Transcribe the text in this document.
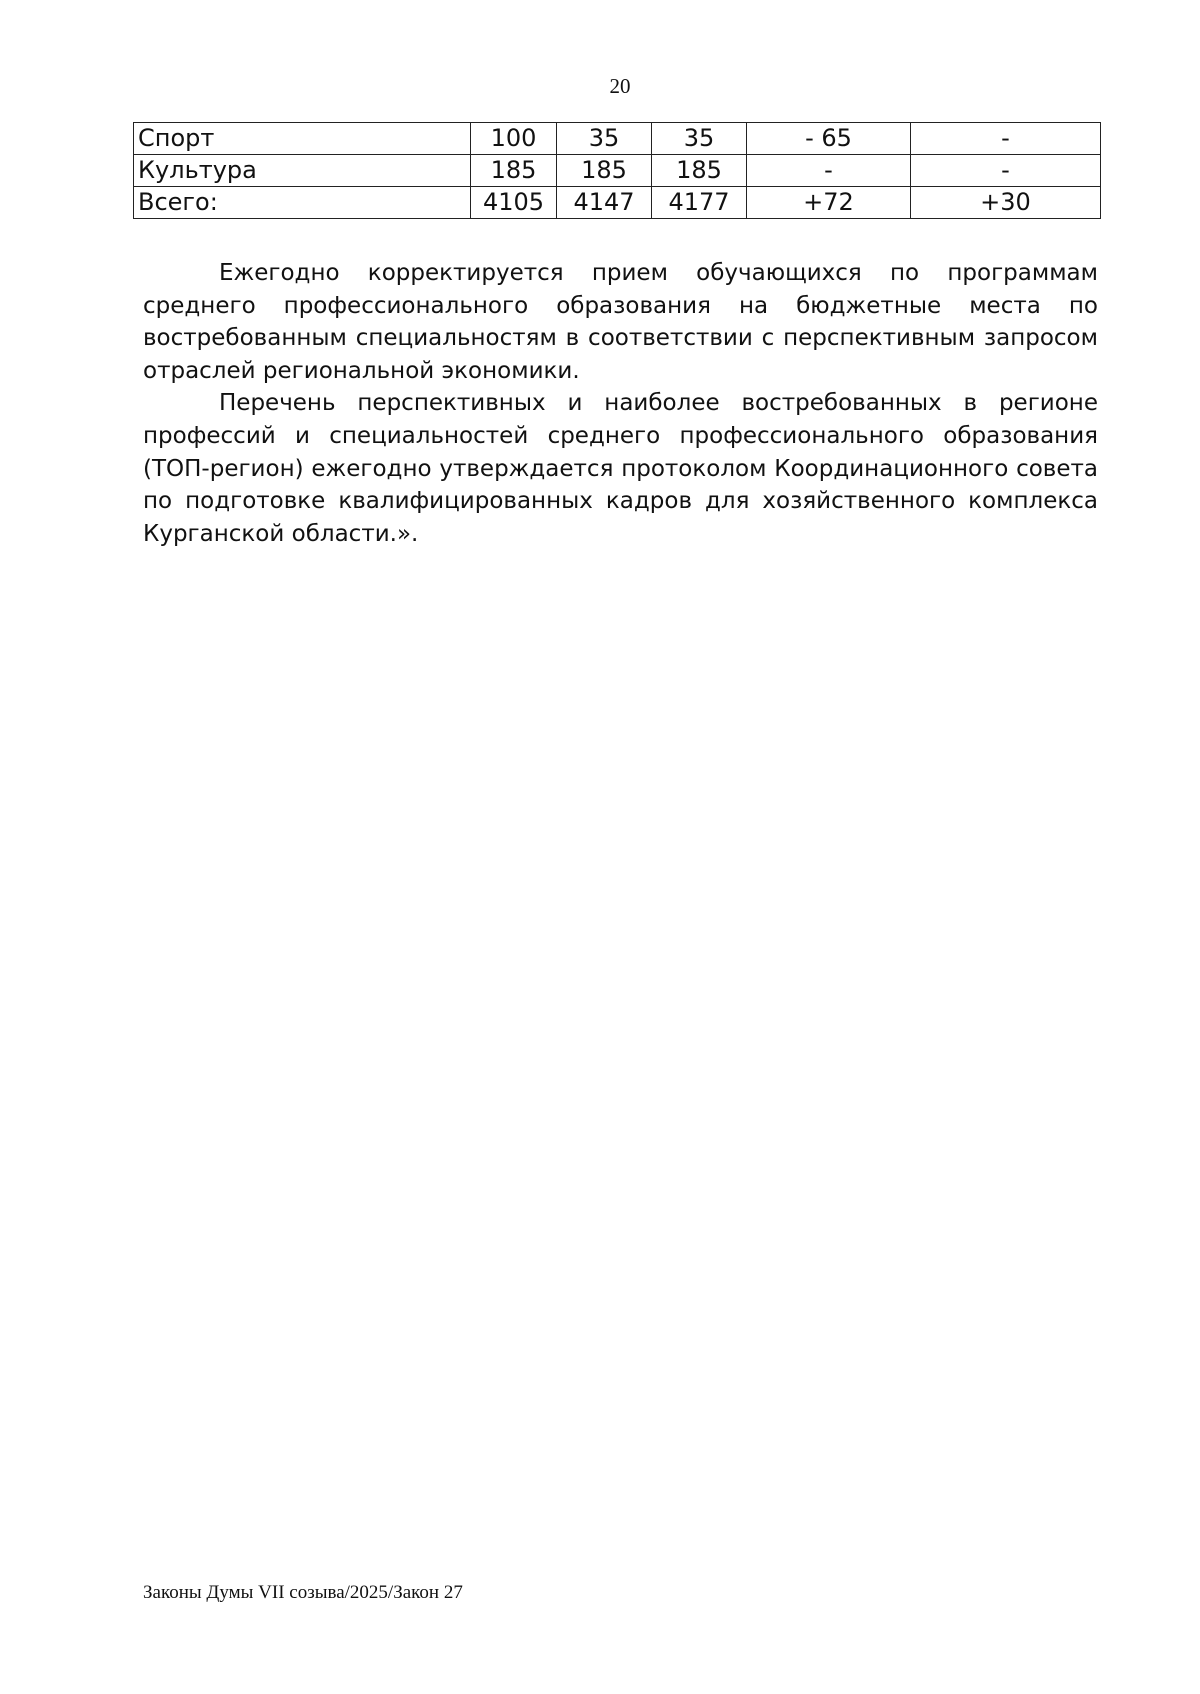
20
Спорт	100	35	35	- 65	-
Культура	185	185	185	-	-
Всего:	4105	4147	4177	+72	+30

Ежегодно корректируется прием обучающихся по программам среднего профессионального образования на бюджетные места по востребованным специальностям в соответствии с перспективным запросом отраслей региональной экономики.

Перечень перспективных и наиболее востребованных в регионе профессий и специальностей среднего профессионального образования (ТОП-регион) ежегодно утверждается протоколом Координационного совета по подготовке квалифицированных кадров для хозяйственного комплекса Курганской области.».

Законы Думы VII созыва/2025/Закон 27
